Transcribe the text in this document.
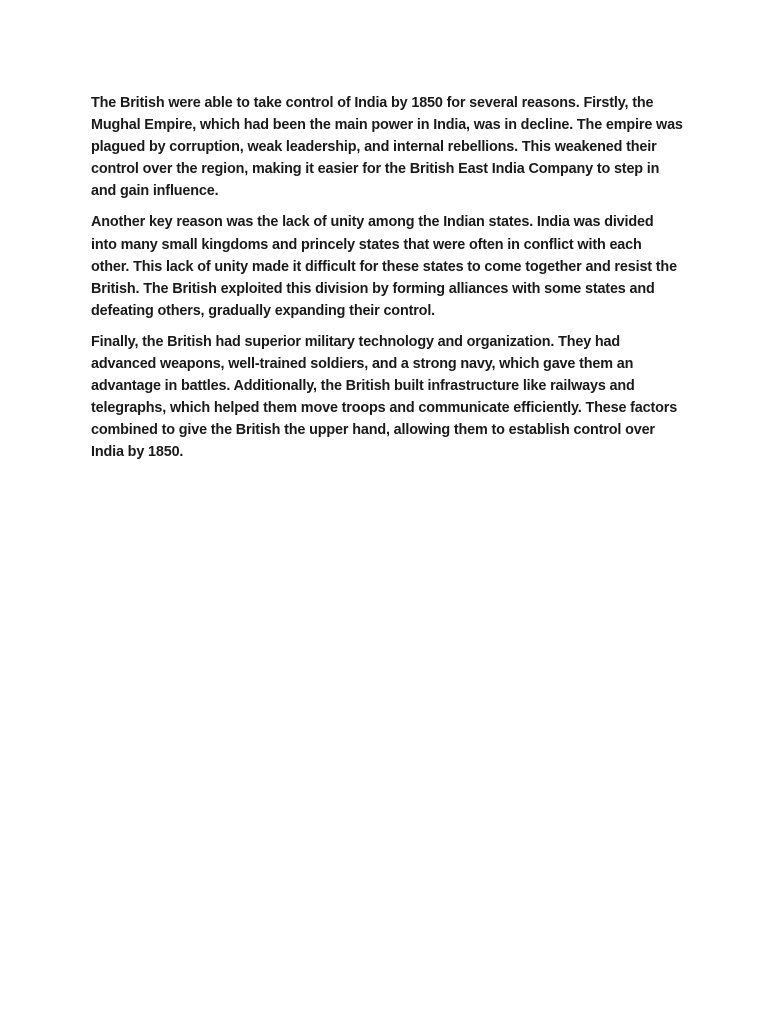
The British were able to take control of India by 1850 for several reasons. Firstly, the Mughal Empire, which had been the main power in India, was in decline. The empire was plagued by corruption, weak leadership, and internal rebellions. This weakened their control over the region, making it easier for the British East India Company to step in and gain influence.

Another key reason was the lack of unity among the Indian states. India was divided into many small kingdoms and princely states that were often in conflict with each other. This lack of unity made it difficult for these states to come together and resist the British. The British exploited this division by forming alliances with some states and defeating others, gradually expanding their control.

Finally, the British had superior military technology and organization. They had advanced weapons, well-trained soldiers, and a strong navy, which gave them an advantage in battles. Additionally, the British built infrastructure like railways and telegraphs, which helped them move troops and communicate efficiently. These factors combined to give the British the upper hand, allowing them to establish control over India by 1850.
